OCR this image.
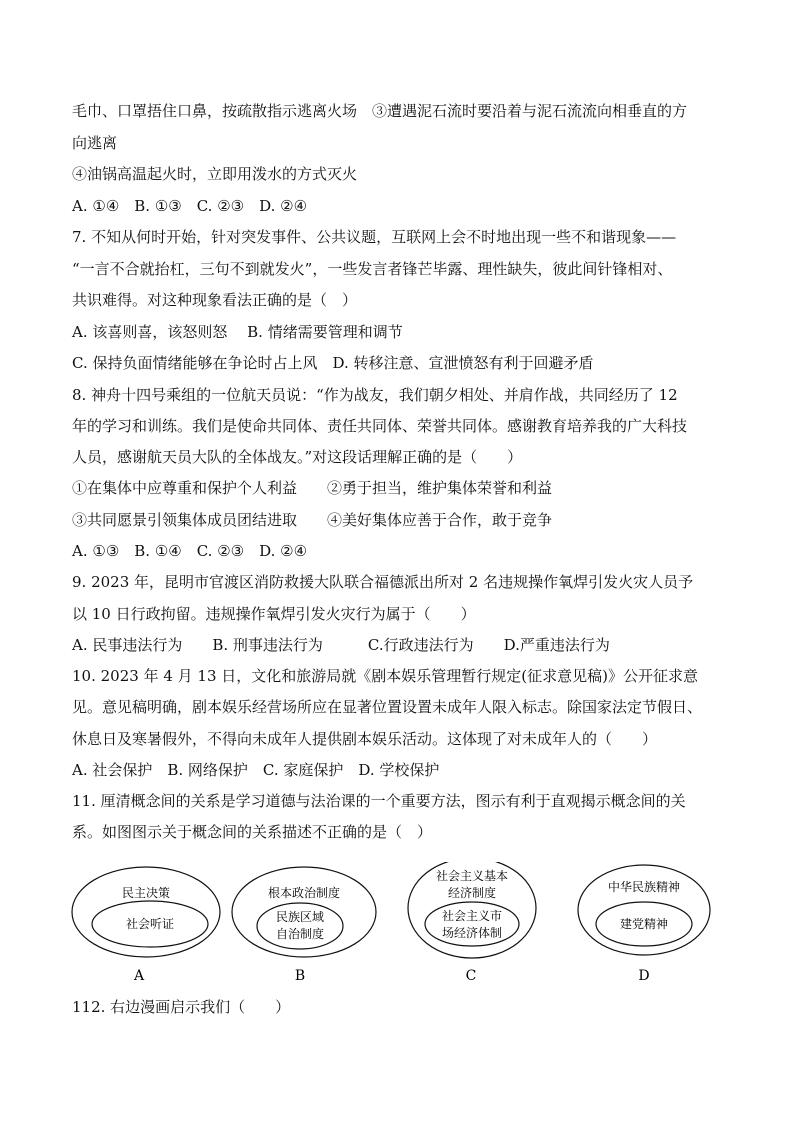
毛巾、口罩捂住口鼻，按疏散指示逃离火场　③遭遇泥石流时要沿着与泥石流流向相垂直的方
向逃离
④油锅高温起火时，立即用泼水的方式灭火
A. ①④　B. ①③　C. ②③　D. ②④
7. 不知从何时开始，针对突发事件、公共议题，互联网上会不时地出现一些不和谐现象——
“一言不合就抬杠，三句不到就发火”，一些发言者锋芒毕露、理性缺失，彼此间针锋相对、
共识难得。对这种现象看法正确的是（　）
A. 该喜则喜，该怒则怒　 B. 情绪需要管理和调节
C. 保持负面情绪能够在争论时占上风　D. 转移注意、宣泄愤怒有利于回避矛盾
8. 神舟十四号乘组的一位航天员说：“作为战友，我们朝夕相处、并肩作战，共同经历了 12
年的学习和训练。我们是使命共同体、责任共同体、荣誉共同体。感谢教育培养我的广大科技
人员，感谢航天员大队的全体战友。”对这段话理解正确的是（　　）
①在集体中应尊重和保护个人利益　　②勇于担当，维护集体荣誉和利益
③共同愿景引领集体成员团结进取　　④美好集体应善于合作，敢于竞争
A. ①③　B. ①④　C. ②③　D. ②④
9. 2023 年，昆明市官渡区消防救援大队联合福德派出所对 2 名违规操作氧焊引发火灾人员予
以 10 日行政拘留。违规操作氧焊引发火灾行为属于（　　）
A. 民事违法行为　　B. 刑事违法行为　　　C.行政违法行为　　D.严重违法行为
10. 2023 年 4 月 13 日，文化和旅游局就《剧本娱乐管理暂行规定(征求意见稿)》公开征求意
见。意见稿明确，剧本娱乐经营场所应在显著位置设置未成年人限入标志。除国家法定节假日、
休息日及寒暑假外，不得向未成年人提供剧本娱乐活动。这体现了对未成年人的（　　）
A. 社会保护　B. 网络保护　C. 家庭保护　D. 学校保护
11. 厘清概念间的关系是学习道德与法治课的一个重要方法，图示有利于直观揭示概念间的关
系。如图图示关于概念间的关系描述不正确的是（　）
民主决策
社会听证
A
根本政治制度
民族区域
自治制度
B
社会主义基本
经济制度
社会主义市
场经济体制
C
中华民族精神
建党精神
D
112. 右边漫画启示我们（　　）
